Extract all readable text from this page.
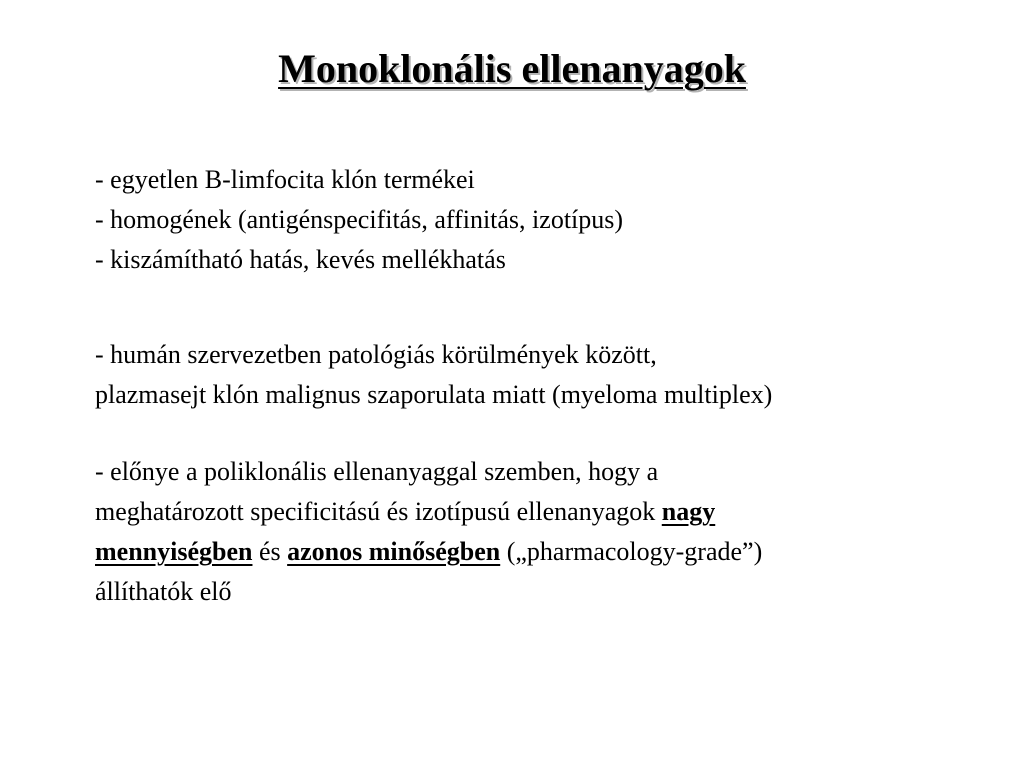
Monoklonális ellenanyagok
- egyetlen B-limfocita klón termékei
- homogének (antigénspecifitás, affinitás, izotípus)
- kiszámítható hatás, kevés mellékhatás
- humán szervezetben patológiás körülmények között,
plazmasejt klón malignus szaporulata miatt (myeloma multiplex)
- előnye a poliklonális ellenanyaggal szemben, hogy a
meghatározott specificitású és izotípusú ellenanyagok nagy
mennyiségben és azonos minőségben („pharmacology-grade”)
állíthatók elő
